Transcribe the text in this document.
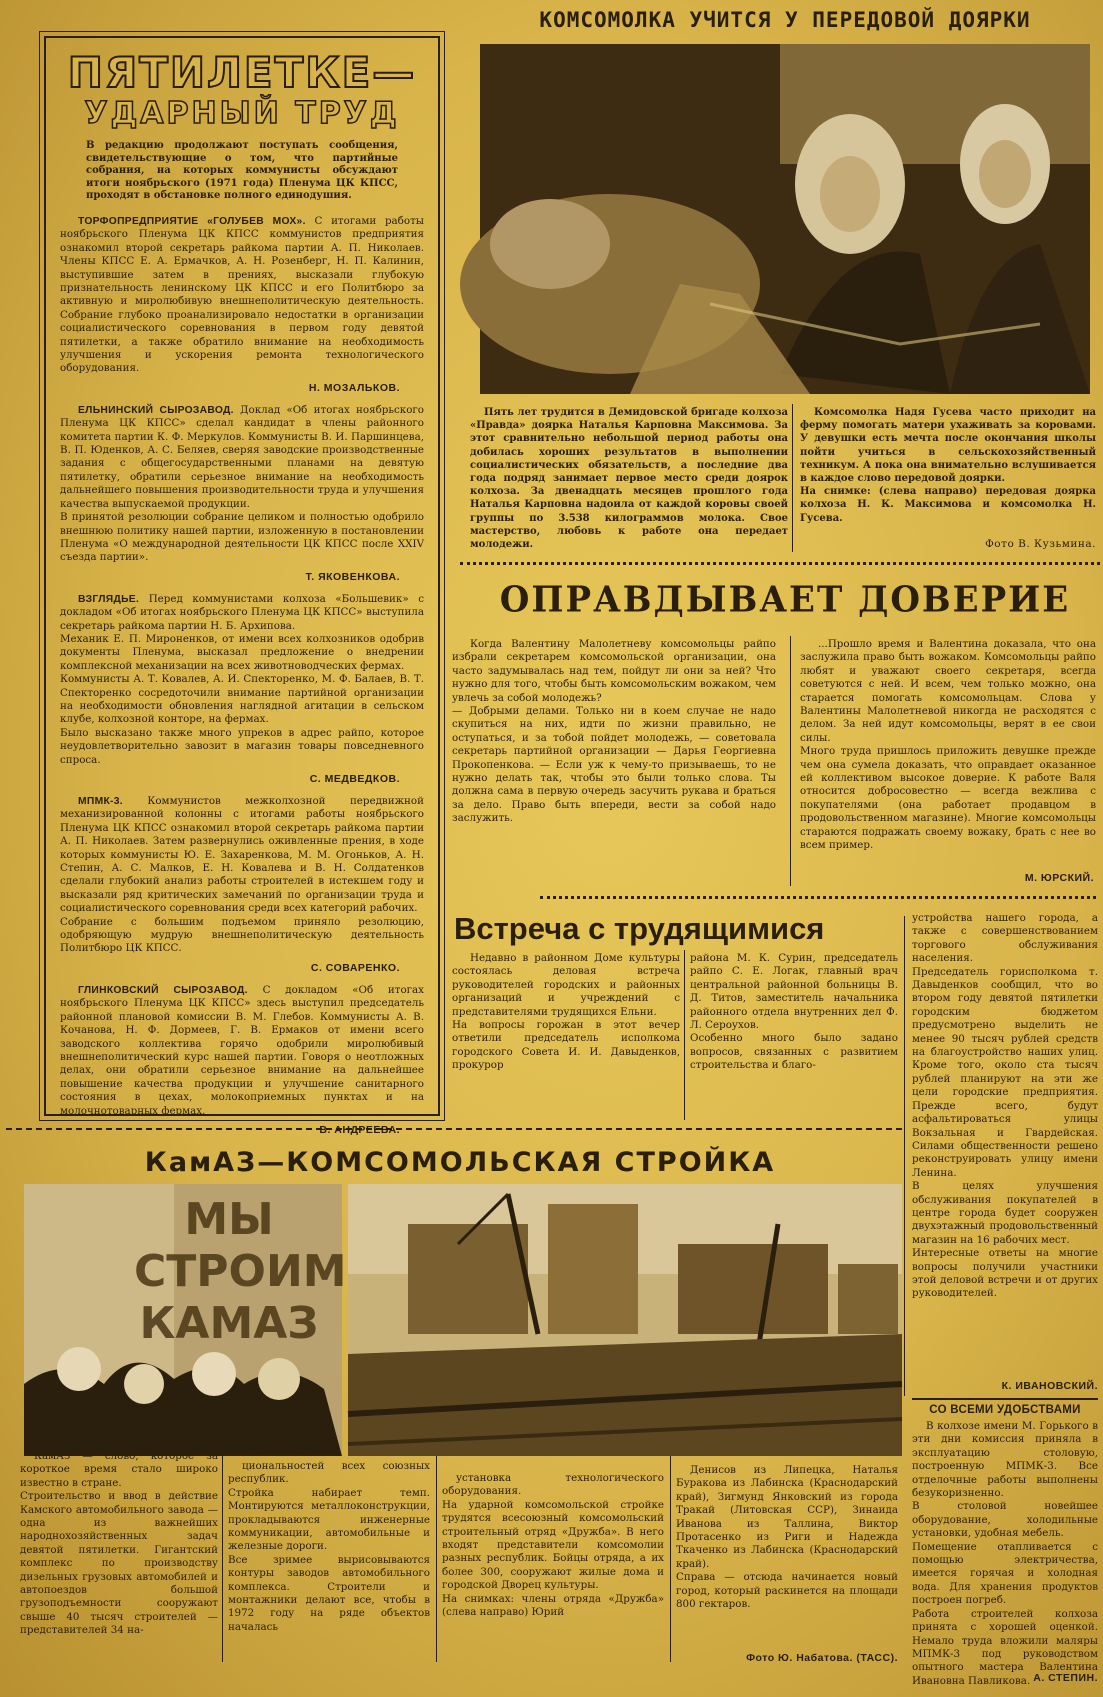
ПЯТИЛЕТКЕ—
УДАРНЫЙ ТРУД
В редакцию продолжают поступать сообщения, свидетельствующие о том, что партийные собрания, на которых коммунисты обсуждают итоги ноябрьского (1971 года) Пленума ЦК КПСС, проходят в обстановке полного единодушия.
ТОРФОПРЕДПРИЯТИЕ «ГОЛУБЕВ МОХ». С итогами работы ноябрьского Пленума ЦК КПСС коммунистов предприятия ознакомил второй секретарь райкома партии А. П. Николаев. Члены КПСС Е. А. Ермачков, А. Н. Розенберг, Н. П. Калинин, выступившие затем в прениях, высказали глубокую признательность ленинскому ЦК КПСС и его Политбюро за активную и миролюбивую внешнеполитическую деятельность. Собрание глубоко проанализировало недостатки в организации социалистического соревнования в первом году девятой пятилетки, а также обратило внимание на необходимость улучшения и ускорения ремонта технологического оборудования.
Н. МОЗАЛЬКОВ.
ЕЛЬНИНСКИЙ СЫРОЗАВОД. Доклад «Об итогах ноябрьского Пленума ЦК КПСС» сделал кандидат в члены районного комитета партии К. Ф. Меркулов. Коммунисты В. И. Паршинцева, В. П. Юденков, А. С. Беляев, сверяя заводские производственные задания с общегосударственными планами на девятую пятилетку, обратили серьезное внимание на необходимость дальнейшего повышения производительности труда и улучшения качества выпускаемой продукции.
В принятой резолюции собрание целиком и полностью одобрило внешнюю политику нашей партии, изложенную в постановлении Пленума «О международной деятельности ЦК КПСС после XXIV съезда партии».
Т. ЯКОВЕНКОВА.
ВЗГЛЯДЬЕ. Перед коммунистами колхоза «Большевик» с докладом «Об итогах ноябрьского Пленума ЦК КПСС» выступила секретарь райкома партии Н. Б. Архипова.
Механик Е. П. Мироненков, от имени всех колхозников одобрив документы Пленума, высказал предложение о внедрении комплексной механизации на всех животноводческих фермах.
Коммунисты А. Т. Ковалев, А. И. Спекторенко, М. Ф. Балаев, В. Т. Спекторенко сосредоточили внимание партийной организации на необходимости обновления наглядной агитации в сельском клубе, колхозной конторе, на фермах.
Было высказано также много упреков в адрес райпо, которое неудовлетворительно завозит в магазин товары повседневного спроса.
С. МЕДВЕДКОВ.
МПМК-3. Коммунистов межколхозной передвижной механизированной колонны с итогами работы ноябрьского Пленума ЦК КПСС ознакомил второй секретарь райкома партии А. П. Николаев. Затем развернулись оживленные прения, в ходе которых коммунисты Ю. Е. Захаренкова, М. М. Огоньков, А. Н. Степин, А. С. Малков, Е. Н. Ковалева и В. Н. Солдатенков сделали глубокий анализ работы строителей в истекшем году и высказали ряд критических замечаний по организации труда и социалистического соревнования среди всех категорий рабочих.
Собрание с большим подъемом приняло резолюцию, одобряющую мудрую внешнеполитическую деятельность Политбюро ЦК КПСС.
С. СОВАРЕНКО.
ГЛИНКОВСКИЙ СЫРОЗАВОД. С докладом «Об итогах ноябрьского Пленума ЦК КПСС» здесь выступил председатель районной плановой комиссии В. М. Глебов. Коммунисты А. В. Кочанова, Н. Ф. Дормеев, Г. В. Ермаков от имени всего заводского коллектива горячо одобрили миролюбивый внешнеполитический курс нашей партии. Говоря о неотложных делах, они обратили серьезное внимание на дальнейшее повышение качества продукции и улучшение санитарного состояния в цехах, молокоприемных пунктах и на молочнотоварных фермах.
В. АНДРЕЕВА.
КОМСОМОЛКА УЧИТСЯ У ПЕРЕДОВОЙ ДОЯРКИ
Пять лет трудится в Демидовской бригаде колхоза «Правда» доярка Наталья Карповна Максимова. За этот сравнительно небольшой период работы она добилась хороших результатов в выполнении социалистических обязательств, а последние два года подряд занимает первое место среди доярок колхоза. За двенадцать месяцев прошлого года Наталья Карповна надоила от каждой коровы своей группы по 3.538 килограммов молока. Свое мастерство, любовь к работе она передает молодежи.
Комсомолка Надя Гусева часто приходит на ферму помогать матери ухаживать за коровами. У девушки есть мечта после окончания школы пойти учиться в сельскохозяйственный техникум. А пока она внимательно вслушивается в каждое слово передовой доярки.
На снимке: (слева направо) передовая доярка колхоза Н. К. Максимова и комсомолка Н. Гусева.
Фото В. Кузьмина.
ОПРАВДЫВАЕТ ДОВЕРИЕ
Когда Валентину Малолетневу комсомольцы райпо избрали секретарем комсомольской организации, она часто задумывалась над тем, пойдут ли они за ней? Что нужно для того, чтобы быть комсомольским вожаком, чем увлечь за собой молодежь?
— Добрыми делами. Только ни в коем случае не надо скупиться на них, идти по жизни правильно, не оступаться, и за тобой пойдет молодежь, — советовала секретарь партийной организации — Дарья Георгиевна Прокопенкова. — Если уж к чему-то призываешь, то не нужно делать так, чтобы это были только слова. Ты должна сама в первую очередь засучить рукава и браться за дело. Право быть впереди, вести за собой надо заслужить.
...Прошло время и Валентина доказала, что она заслужила право быть вожаком. Комсомольцы райпо любят и уважают своего секретаря, всегда советуются с ней. И всем, чем только можно, она старается помогать комсомольцам. Слова у Валентины Малолетневой никогда не расходятся с делом. За ней идут комсомольцы, верят в ее свои силы.
Много труда пришлось приложить девушке прежде чем она сумела доказать, что оправдает оказанное ей коллективом высокое доверие. К работе Валя относится добросовестно — всегда вежлива с покупателями (она работает продавцом в продовольственном магазине). Многие комсомольцы стараются подражать своему вожаку, брать с нее во всем пример.
М. ЮРСКИЙ.
Встреча с трудящимися
Недавно в районном Доме культуры состоялась деловая встреча руководителей городских и районных организаций и учреждений с представителями трудящихся Ельни.
На вопросы горожан в этот вечер ответили председатель исполкома городского Совета И. И. Давыденков, прокурор
района М. К. Сурин, председатель райпо С. Е. Логак, главный врач центральной районной больницы В. Д. Титов, заместитель начальника районного отдела внутренних дел Ф. Л. Сероухов.
Особенно много было задано вопросов, связанных с развитием строительства и благо-
устройства нашего города, а также с совершенствованием торгового обслуживания населения.
Председатель горисполкома т. Давыденков сообщил, что во втором году девятой пятилетки городским бюджетом предусмотрено выделить не менее 90 тысяч рублей средств на благоустройство наших улиц. Кроме того, около ста тысяч рублей планируют на эти же цели городские предприятия. Прежде всего, будут асфальтироваться улицы Вокзальная и Гвардейская. Силами общественности решено реконструировать улицу имени Ленина.
В целях улучшения обслуживания покупателей в центре города будет сооружен двухэтажный продовольственный магазин на 16 рабочих мест.
Интересные ответы на многие вопросы получили участники этой деловой встречи и от других руководителей.
К. ИВАНОВСКИЙ.
СО ВСЕМИ УДОБСТВАМИ
В колхозе имени М. Горького в эти дни комиссия приняла в эксплуатацию столовую, построенную МПМК-3. Все отделочные работы выполнены безукоризненно.
В столовой новейшее оборудование, холодильные установки, удобная мебель.
Помещение отапливается с помощью электричества, имеется горячая и холодная вода. Для хранения продуктов построен погреб.
Работа строителей колхоза принята с хорошей оценкой. Немало труда вложили маляры МПМК-3 под руководством опытного мастера Валентина Ивановна Павликова. А. СТЕПИН.
КамАЗ—КОМСОМОЛЬСКАЯ СТРОЙКА
МЫ СТРОИМ КАМАЗ
КамАЗ — слово, которое за короткое время стало широко известно в стране.
Строительство и ввод в действие Камского автомобильного завода — одна из важнейших народнохозяйственных задач девятой пятилетки. Гигантский комплекс по производству дизельных грузовых автомобилей и автопоездов большой грузоподъемности сооружают свыше 40 тысяч строителей — представителей 34 на-
циональностей всех союзных республик.
Стройка набирает темп. Монтируются металлоконструкции, прокладываются инженерные коммуникации, автомобильные и железные дороги.
Все зримее вырисовываются контуры заводов автомобильного комплекса. Строители и монтажники делают все, чтобы в 1972 году на ряде объектов началась
установка технологического оборудования.
На ударной комсомольской стройке трудятся всесоюзный комсомольский строительный отряд «Дружба». В него входят представители комсомолии разных республик. Бойцы отряда, а их более 300, сооружают жилые дома и городской Дворец культуры.
На снимках: члены отряда «Дружба» (слева направо) Юрий
Денисов из Липецка, Наталья Буракова из Лабинска (Краснодарский край), Зигмунд Янковский из города Тракай (Литовская ССР), Зинаида Иванова из Таллина, Виктор Протасенко из Риги и Надежда Ткаченко из Лабинска (Краснодарский край).
Справа — отсюда начинается новый город, который раскинется на площади 800 гектаров.
Фото Ю. Набатова. (ТАСС).
